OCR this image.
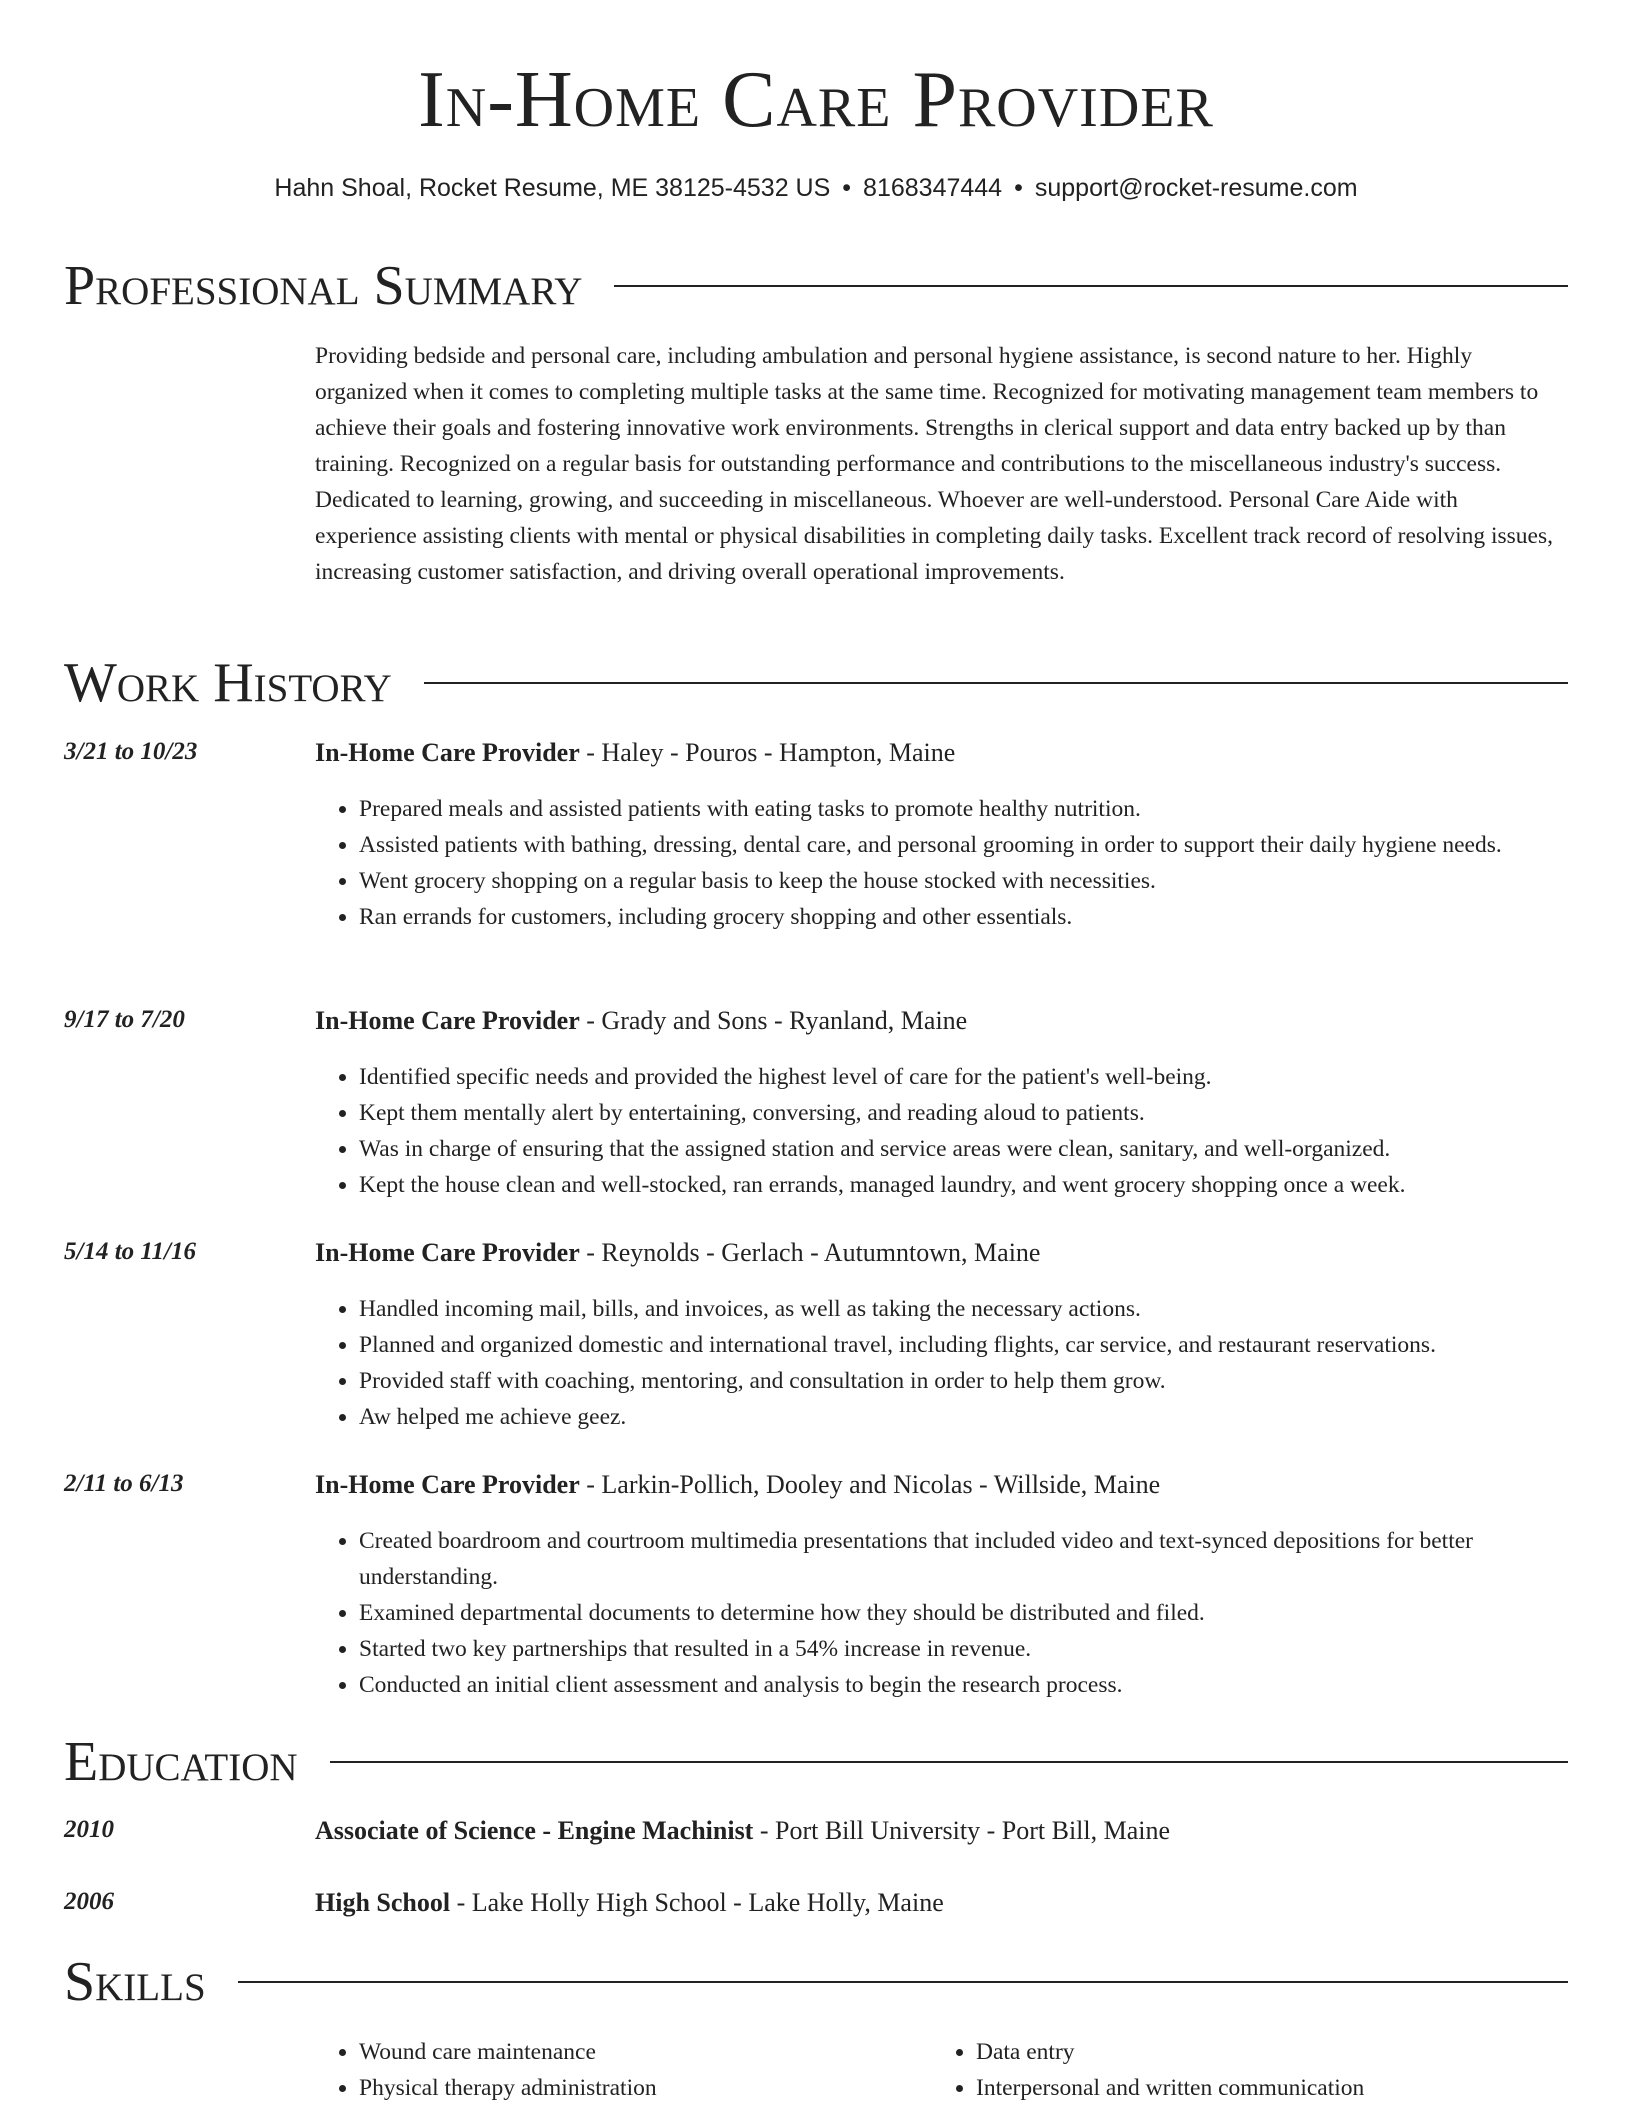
In-Home Care Provider
Hahn Shoal, Rocket Resume, ME 38125-4532 US • 8168347444 • support@rocket-resume.com
Professional Summary
Providing bedside and personal care, including ambulation and personal hygiene assistance, is second nature to her. Highly organized when it comes to completing multiple tasks at the same time. Recognized for motivating management team members to achieve their goals and fostering innovative work environments. Strengths in clerical support and data entry backed up by than training. Recognized on a regular basis for outstanding performance and contributions to the miscellaneous industry's success. Dedicated to learning, growing, and succeeding in miscellaneous. Whoever are well-understood. Personal Care Aide with experience assisting clients with mental or physical disabilities in completing daily tasks. Excellent track record of resolving issues, increasing customer satisfaction, and driving overall operational improvements.
Work History
3/21 to 10/23	In-Home Care Provider - Haley - Pouros - Hampton, Maine
• Prepared meals and assisted patients with eating tasks to promote healthy nutrition.
• Assisted patients with bathing, dressing, dental care, and personal grooming in order to support their daily hygiene needs.
• Went grocery shopping on a regular basis to keep the house stocked with necessities.
• Ran errands for customers, including grocery shopping and other essentials.
9/17 to 7/20	In-Home Care Provider - Grady and Sons - Ryanland, Maine
• Identified specific needs and provided the highest level of care for the patient's well-being.
• Kept them mentally alert by entertaining, conversing, and reading aloud to patients.
• Was in charge of ensuring that the assigned station and service areas were clean, sanitary, and well-organized.
• Kept the house clean and well-stocked, ran errands, managed laundry, and went grocery shopping once a week.
5/14 to 11/16	In-Home Care Provider - Reynolds - Gerlach - Autumntown, Maine
• Handled incoming mail, bills, and invoices, as well as taking the necessary actions.
• Planned and organized domestic and international travel, including flights, car service, and restaurant reservations.
• Provided staff with coaching, mentoring, and consultation in order to help them grow.
• Aw helped me achieve geez.
2/11 to 6/13	In-Home Care Provider - Larkin-Pollich, Dooley and Nicolas - Willside, Maine
• Created boardroom and courtroom multimedia presentations that included video and text-synced depositions for better understanding.
• Examined departmental documents to determine how they should be distributed and filed.
• Started two key partnerships that resulted in a 54% increase in revenue.
• Conducted an initial client assessment and analysis to begin the research process.
Education
2010	Associate of Science - Engine Machinist - Port Bill University - Port Bill, Maine
2006	High School - Lake Holly High School - Lake Holly, Maine
Skills
• Wound care maintenance
• Physical therapy administration
• Data entry
• Interpersonal and written communication
